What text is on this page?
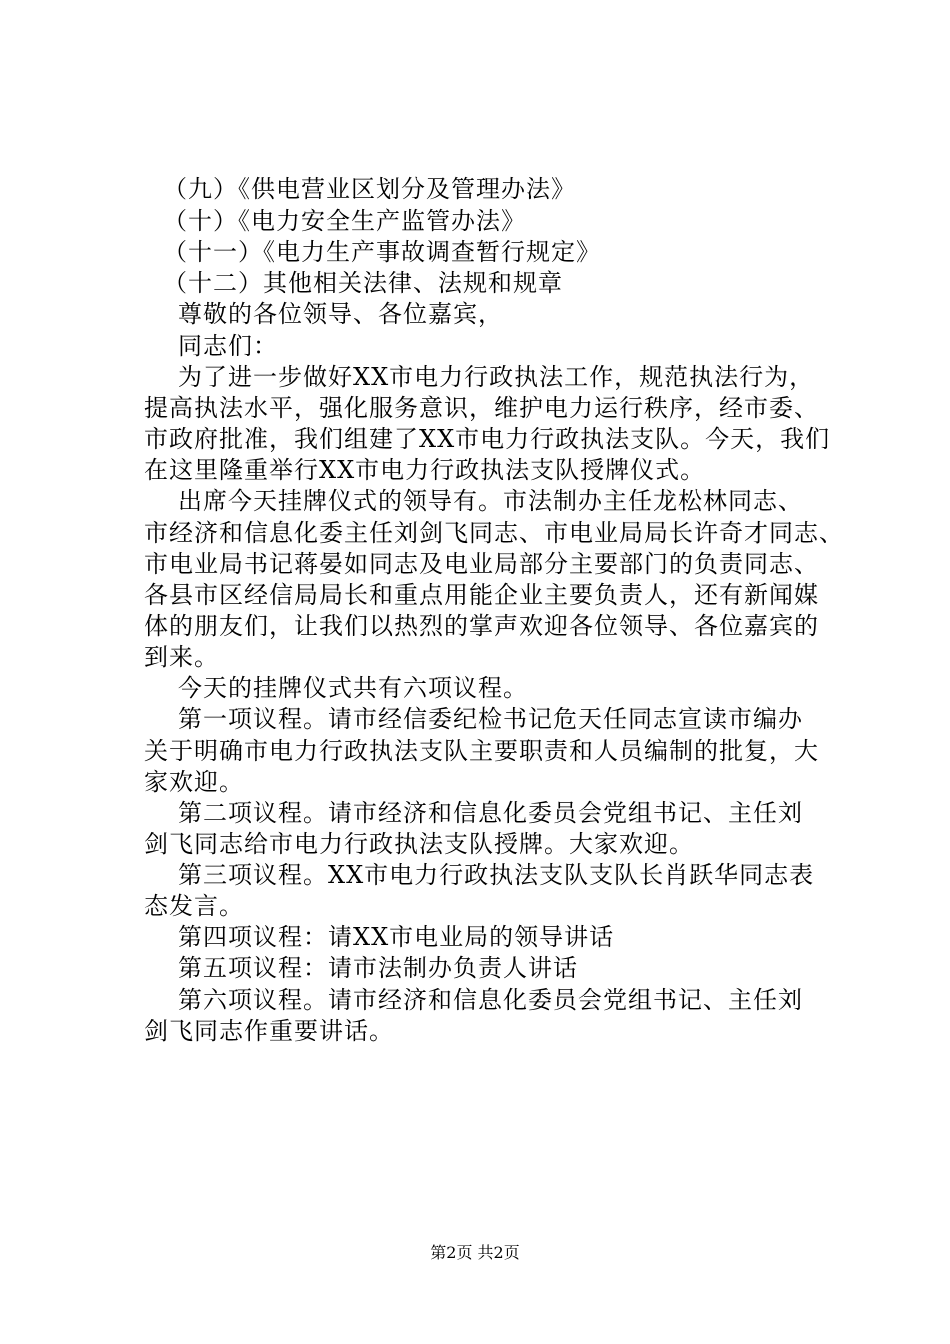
（九）《供电营业区划分及管理办法》
（十）《电力安全生产监管办法》
（十一）《电力生产事故调查暂行规定》
（十二）其他相关法律、法规和规章
尊敬的各位领导、各位嘉宾，
同志们：
为了进一步做好XX市电力行政执法工作，规范执法行为，
提高执法水平，强化服务意识，维护电力运行秩序，经市委、
市政府批准，我们组建了XX市电力行政执法支队。今天，我们
在这里隆重举行XX市电力行政执法支队授牌仪式。
出席今天挂牌仪式的领导有。市法制办主任龙松林同志、
市经济和信息化委主任刘剑飞同志、市电业局局长许奇才同志、
市电业局书记蒋晏如同志及电业局部分主要部门的负责同志、
各县市区经信局局长和重点用能企业主要负责人，还有新闻媒
体的朋友们，让我们以热烈的掌声欢迎各位领导、各位嘉宾的
到来。
今天的挂牌仪式共有六项议程。
第一项议程。请市经信委纪检书记危天任同志宣读市编办
关于明确市电力行政执法支队主要职责和人员编制的批复，大
家欢迎。
第二项议程。请市经济和信息化委员会党组书记、主任刘
剑飞同志给市电力行政执法支队授牌。大家欢迎。
第三项议程。XX市电力行政执法支队支队长肖跃华同志表
态发言。
第四项议程：请XX市电业局的领导讲话
第五项议程：请市法制办负责人讲话
第六项议程。请市经济和信息化委员会党组书记、主任刘
剑飞同志作重要讲话。
第2页 共2页
